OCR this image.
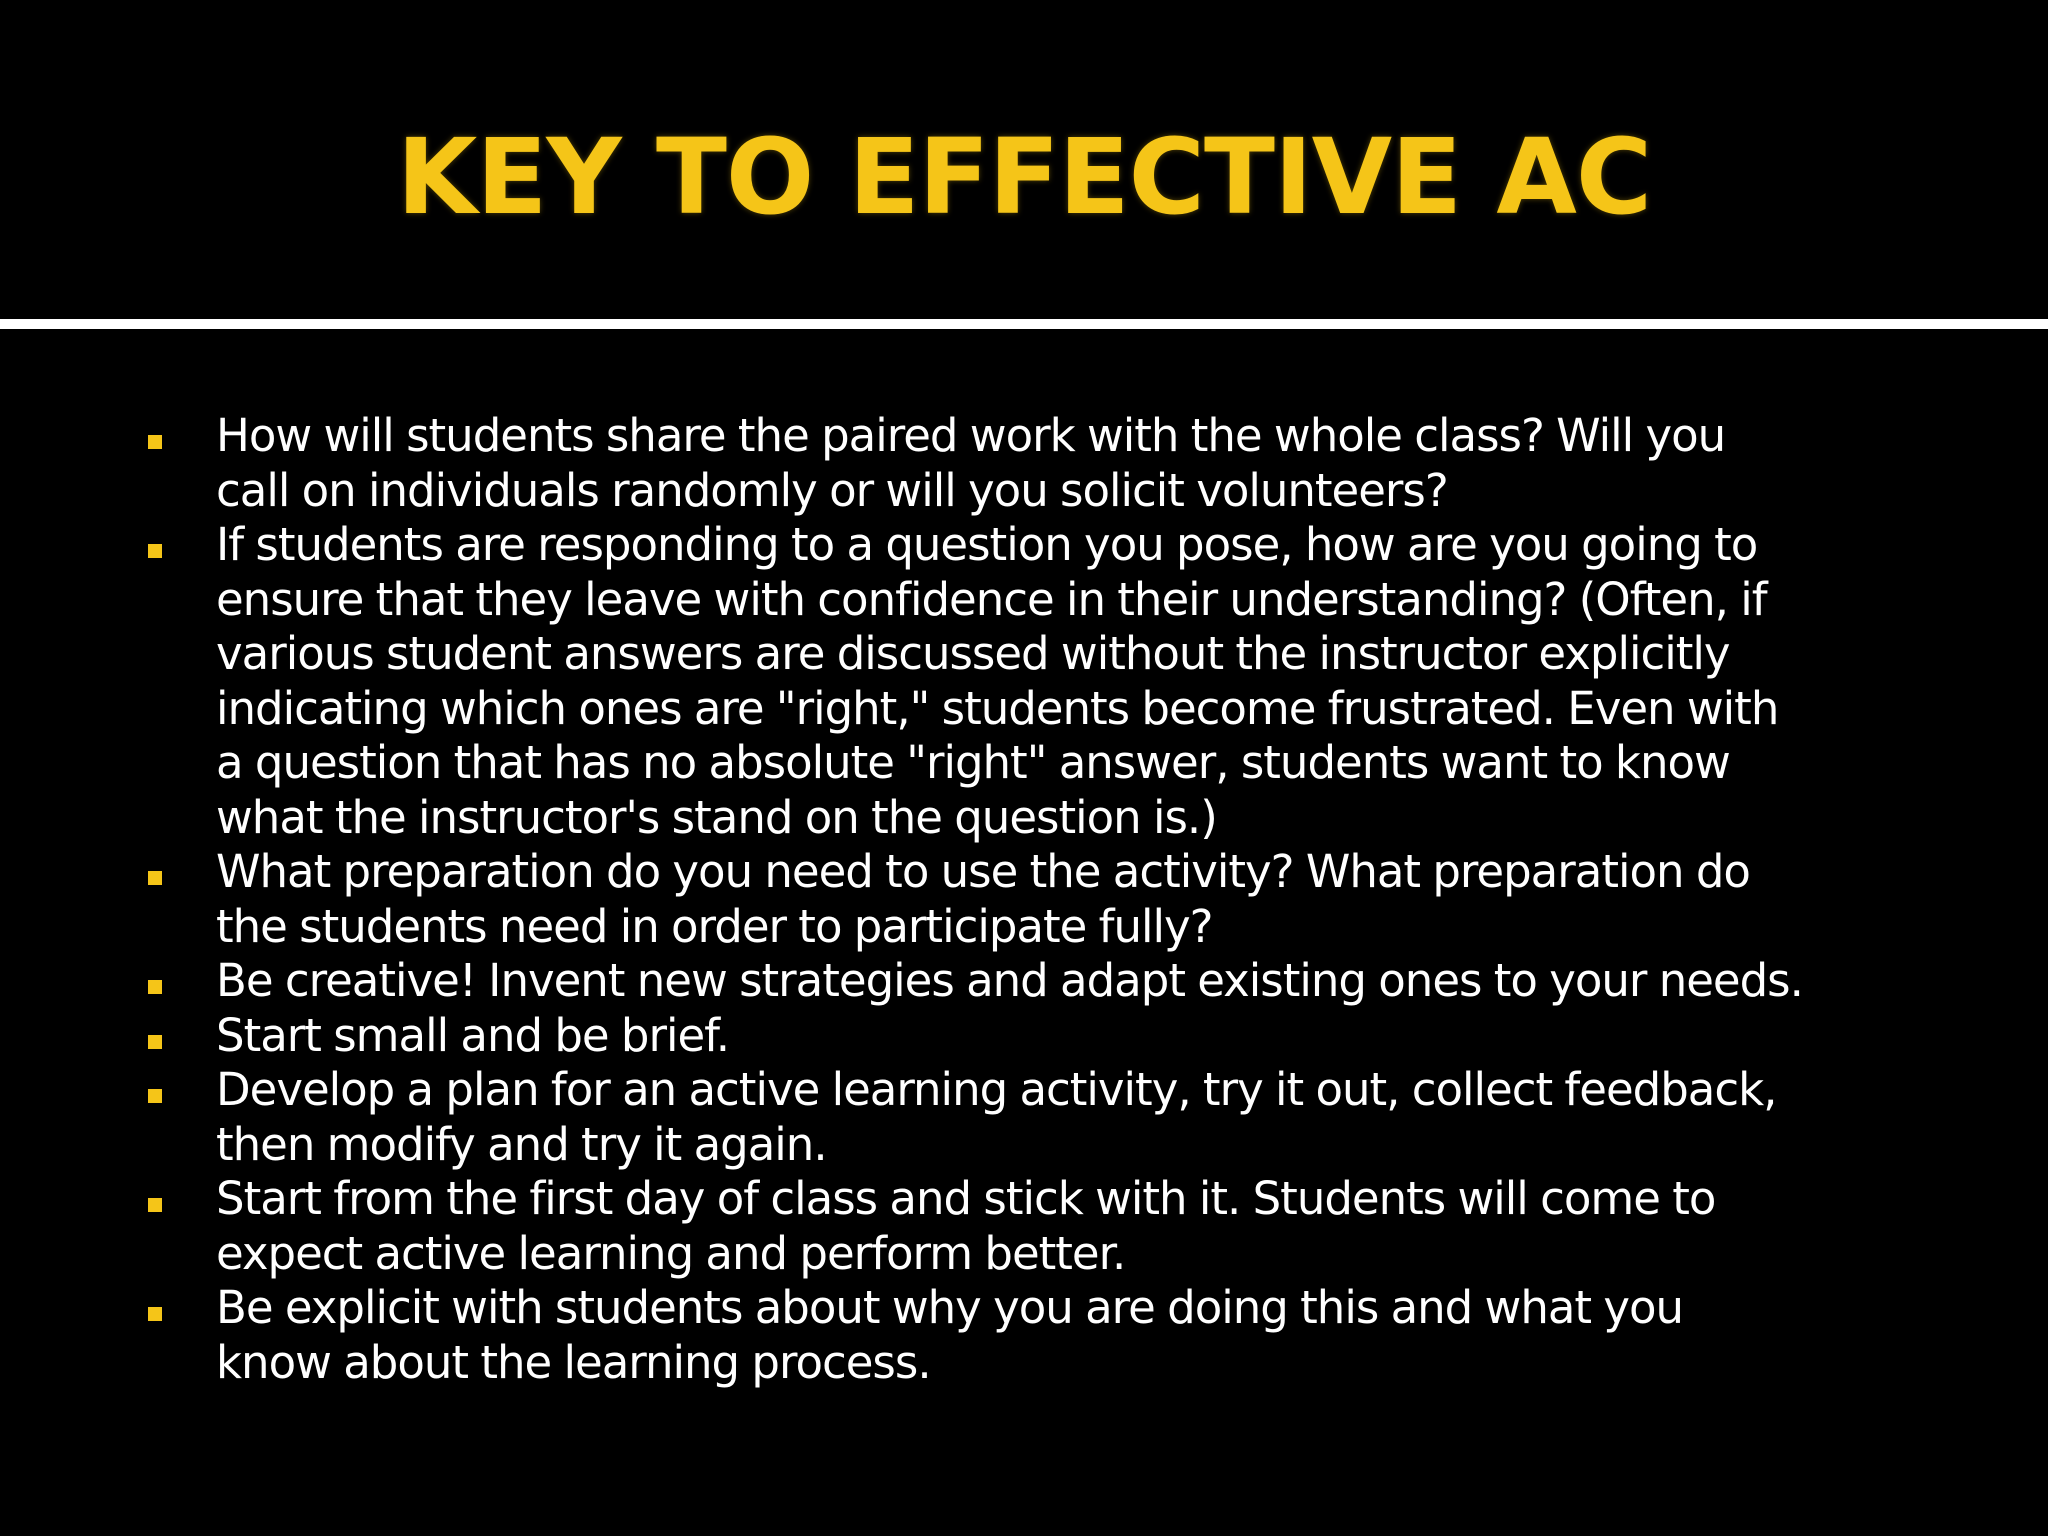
KEY TO EFFECTIVE AC

How will students share the paired work with the whole class? Will you

call on individuals randomly or will you solicit volunteers?

If students are responding to a question you pose, how are you going to

ensure that they leave with confidence in their understanding? (Often, if

various student answers are discussed without the instructor explicitly

indicating which ones are "right," students become frustrated. Even with

a question that has no absolute "right" answer, students want to know

what the instructor's stand on the question is.)

What preparation do you need to use the activity? What preparation do

the students need in order to participate fully?

Be creative! Invent new strategies and adapt existing ones to your needs.

Start small and be brief.

Develop a plan for an active learning activity, try it out, collect feedback,

then modify and try it again.

Start from the first day of class and stick with it. Students will come to

expect active learning and perform better.

Be explicit with students about why you are doing this and what you

know about the learning process.
